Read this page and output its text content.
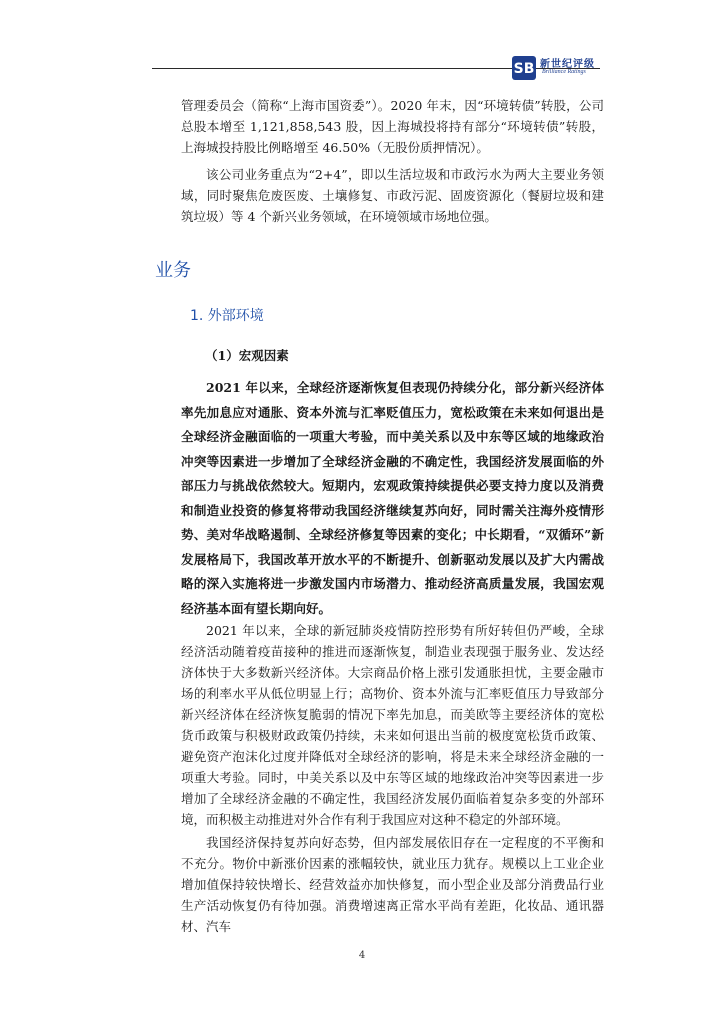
SB 新世纪评级
Brilliance Ratings

管理委员会（简称“上海市国资委”）。2020 年末，因“环境转债”转股，公司总股本增至 1,121,858,543 股，因上海城投将持有部分“环境转债”转股，上海城投持股比例略增至 46.50%（无股份质押情况）。

该公司业务重点为“2+4”，即以生活垃圾和市政污水为两大主要业务领域，同时聚焦危废医废、土壤修复、市政污泥、固废资源化（餐厨垃圾和建筑垃圾）等 4 个新兴业务领域，在环境领域市场地位强。

业务
1. 外部环境
（1）宏观因素

2021 年以来，全球经济逐渐恢复但表现仍持续分化，部分新兴经济体率先加息应对通胀、资本外流与汇率贬值压力，宽松政策在未来如何退出是全球经济金融面临的一项重大考验，而中美关系以及中东等区域的地缘政治冲突等因素进一步增加了全球经济金融的不确定性，我国经济发展面临的外部压力与挑战依然较大。短期内，宏观政策持续提供必要支持力度以及消费和制造业投资的修复将带动我国经济继续复苏向好，同时需关注海外疫情形势、美对华战略遏制、全球经济修复等因素的变化；中长期看，“双循环”新发展格局下，我国改革开放水平的不断提升、创新驱动发展以及扩大内需战略的深入实施将进一步激发国内市场潜力、推动经济高质量发展，我国宏观经济基本面有望长期向好。

2021 年以来，全球的新冠肺炎疫情防控形势有所好转但仍严峻，全球经济活动随着疫苗接种的推进而逐渐恢复，制造业表现强于服务业、发达经济体快于大多数新兴经济体。大宗商品价格上涨引发通胀担忧，主要金融市场的利率水平从低位明显上行；高物价、资本外流与汇率贬值压力导致部分新兴经济体在经济恢复脆弱的情况下率先加息，而美欧等主要经济体的宽松货币政策与积极财政政策仍持续，未来如何退出当前的极度宽松货币政策、避免资产泡沫化过度并降低对全球经济的影响，将是未来全球经济金融的一项重大考验。同时，中美关系以及中东等区域的地缘政治冲突等因素进一步增加了全球经济金融的不确定性，我国经济发展仍面临着复杂多变的外部环境，而积极主动推进对外合作有利于我国应对这种不稳定的外部环境。

我国经济保持复苏向好态势，但内部发展依旧存在一定程度的不平衡和不充分。物价中新涨价因素的涨幅较快，就业压力犹存。规模以上工业企业增加值保持较快增长、经营效益亦加快修复，而小型企业及部分消费品行业生产活动恢复仍有待加强。消费增速离正常水平尚有差距，化妆品、通讯器材、汽车

4
